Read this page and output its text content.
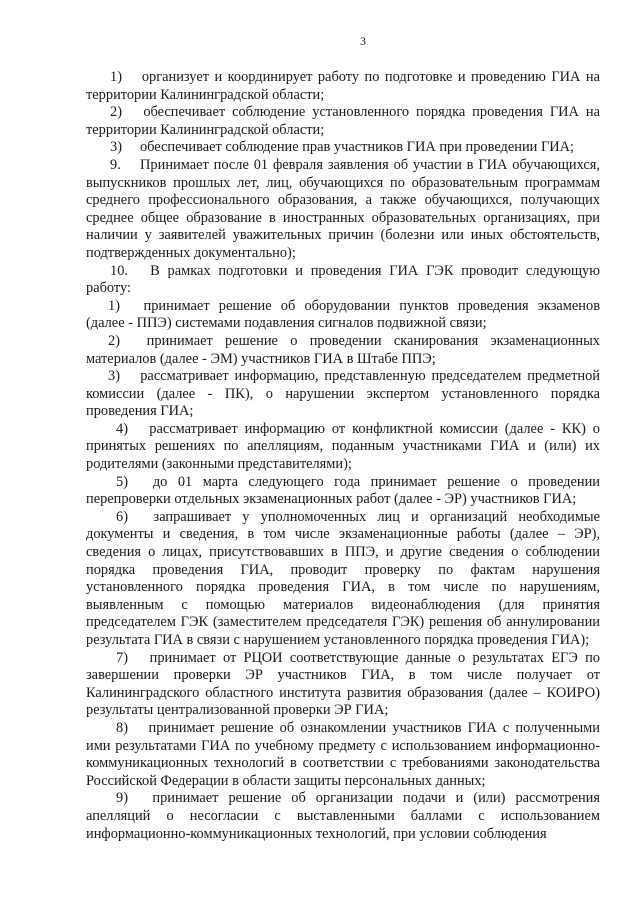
3

1)  организует и координирует работу по подготовке и проведению ГИА на территории Калининградской области;

2)  обеспечивает соблюдение установленного порядка проведения ГИА на территории Калининградской области;

3)  обеспечивает соблюдение прав участников ГИА при проведении ГИА;

9.  Принимает после 01 февраля заявления об участии в ГИА обучающихся, выпускников прошлых лет, лиц, обучающихся по образовательным программам среднего профессионального образования, а также обучающихся, получающих среднее общее образование в иностранных образовательных организациях, при наличии у заявителей уважительных причин (болезни или иных обстоятельств, подтвержденных документально);

10.  В рамках подготовки и проведения ГИА ГЭК проводит следующую работу:

1)  принимает решение об оборудовании пунктов проведения экзаменов (далее - ППЭ) системами подавления сигналов подвижной связи;

2)  принимает решение о проведении сканирования экзаменационных материалов (далее - ЭМ) участников ГИА в Штабе ППЭ;

3)  рассматривает информацию, представленную председателем предметной комиссии (далее - ПК), о нарушении экспертом установленного порядка проведения ГИА;

4)  рассматривает информацию от конфликтной комиссии (далее - КК) о принятых решениях по апелляциям, поданным участниками ГИА и (или) их родителями (законными представителями);

5)  до 01 марта следующего года принимает решение о проведении перепроверки отдельных экзаменационных работ (далее - ЭР) участников ГИА;

6)  запрашивает у уполномоченных лиц и организаций необходимые документы и сведения, в том числе экзаменационные работы (далее – ЭР), сведения о лицах, присутствовавших в ППЭ, и другие сведения о соблюдении порядка проведения ГИА, проводит проверку по фактам нарушения установленного порядка проведения ГИА, в том числе по нарушениям, выявленным с помощью материалов видеонаблюдения (для принятия председателем ГЭК (заместителем председателя ГЭК) решения об аннулировании результата ГИА в связи с нарушением установленного порядка проведения ГИА);

7)  принимает от РЦОИ соответствующие данные о результатах ЕГЭ по завершении проверки ЭР участников ГИА, в том числе получает от Калининградского областного института развития образования (далее – КОИРО) результаты централизованной проверки ЭР ГИА;

8)  принимает решение об ознакомлении участников ГИА с полученными ими результатами ГИА по учебному предмету с использованием информационно-коммуникационных технологий в соответствии с требованиями законодательства Российской Федерации в области защиты персональных данных;

9)  принимает решение об организации подачи и (или) рассмотрения апелляций о несогласии с выставленными баллами с использованием информационно-коммуникационных технологий, при условии соблюдения
